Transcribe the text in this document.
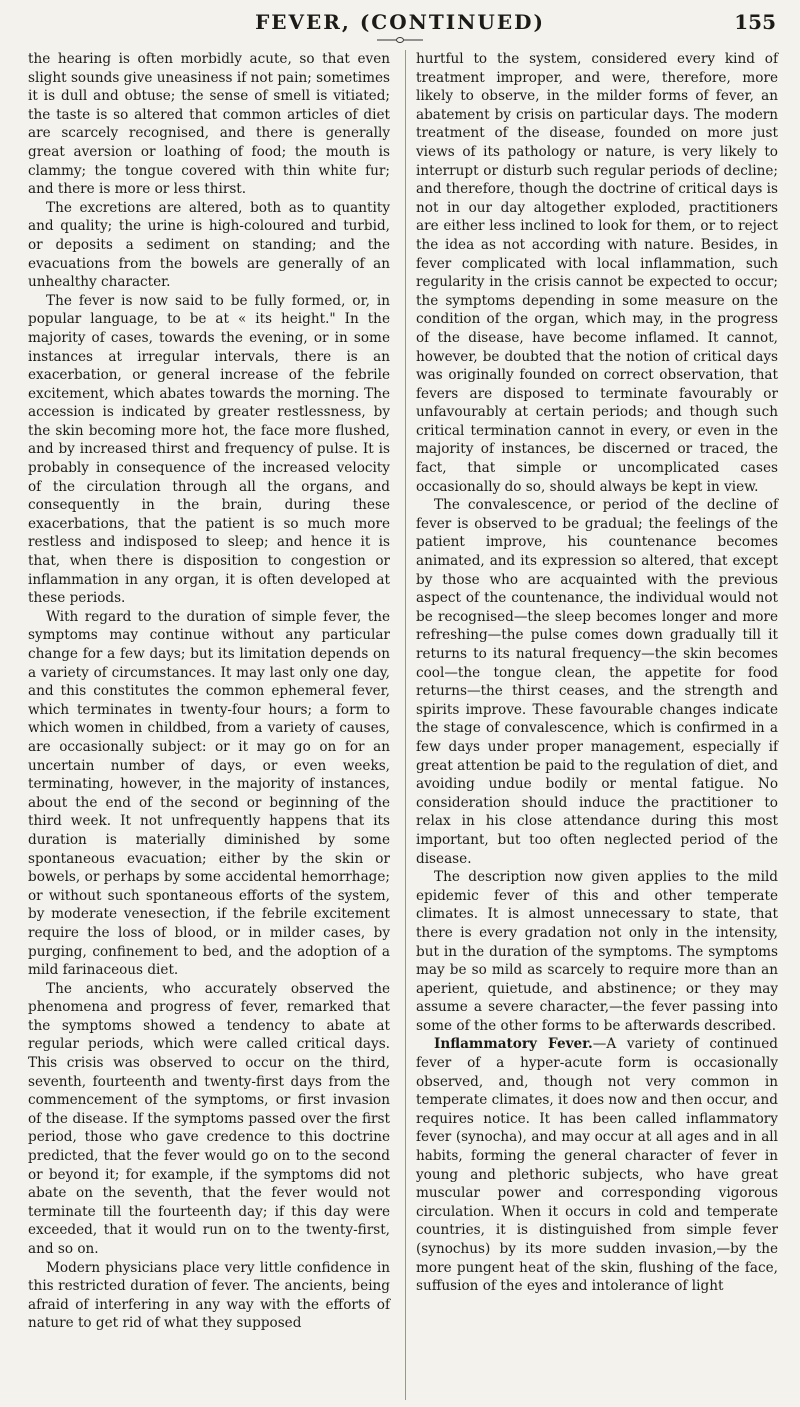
FEVER, (CONTINUED)	155

the hearing is often morbidly acute, so that even slight sounds give uneasiness if not pain; sometimes it is dull and obtuse; the sense of smell is vitiated; the taste is so altered that common articles of diet are scarcely recognised, and there is generally great aversion or loathing of food; the mouth is clammy; the tongue covered with thin white fur; and there is more or less thirst.

The excretions are altered, both as to quantity and quality; the urine is high-coloured and turbid, or deposits a sediment on standing; and the evacuations from the bowels are generally of an unhealthy character.

The fever is now said to be fully formed, or, in popular language, to be at « its height." In the majority of cases, towards the evening, or in some instances at irregular intervals, there is an exacerbation, or general increase of the febrile excitement, which abates towards the morning. The accession is indicated by greater restlessness, by the skin becoming more hot, the face more flushed, and by increased thirst and frequency of pulse. It is probably in consequence of the increased velocity of the circulation through all the organs, and consequently in the brain, during these exacerbations, that the patient is so much more restless and indisposed to sleep; and hence it is that, when there is disposition to congestion or inflammation in any organ, it is often developed at these periods.

With regard to the duration of simple fever, the symptoms may continue without any particular change for a few days; but its limitation depends on a variety of circumstances. It may last only one day, and this constitutes the common ephemeral fever, which terminates in twenty-four hours; a form to which women in childbed, from a variety of causes, are occasionally subject: or it may go on for an uncertain number of days, or even weeks, terminating, however, in the majority of instances, about the end of the second or beginning of the third week. It not unfrequently happens that its duration is materially diminished by some spontaneous evacuation; either by the skin or bowels, or perhaps by some accidental hemorrhage; or without such spontaneous efforts of the system, by moderate venesection, if the febrile excitement require the loss of blood, or in milder cases, by purging, confinement to bed, and the adoption of a mild farinaceous diet.

The ancients, who accurately observed the phenomena and progress of fever, remarked that the symptoms showed a tendency to abate at regular periods, which were called critical days. This crisis was observed to occur on the third, seventh, fourteenth and twenty-first days from the commencement of the symptoms, or first invasion of the disease. If the symptoms passed over the first period, those who gave credence to this doctrine predicted, that the fever would go on to the second or beyond it; for example, if the symptoms did not abate on the seventh, that the fever would not terminate till the fourteenth day; if this day were exceeded, that it would run on to the twenty-first, and so on.

Modern physicians place very little confidence in this restricted duration of fever. The ancients, being afraid of interfering in any way with the efforts of nature to get rid of what they supposed

hurtful to the system, considered every kind of treatment improper, and were, therefore, more likely to observe, in the milder forms of fever, an abatement by crisis on particular days. The modern treatment of the disease, founded on more just views of its pathology or nature, is very likely to interrupt or disturb such regular periods of decline; and therefore, though the doctrine of critical days is not in our day altogether exploded, practitioners are either less inclined to look for them, or to reject the idea as not according with nature. Besides, in fever complicated with local inflammation, such regularity in the crisis cannot be expected to occur; the symptoms depending in some measure on the condition of the organ, which may, in the progress of the disease, have become inflamed. It cannot, however, be doubted that the notion of critical days was originally founded on correct observation, that fevers are disposed to terminate favourably or unfavourably at certain periods; and though such critical termination cannot in every, or even in the majority of instances, be discerned or traced, the fact, that simple or uncomplicated cases occasionally do so, should always be kept in view.

The convalescence, or period of the decline of fever is observed to be gradual; the feelings of the patient improve, his countenance becomes animated, and its expression so altered, that except by those who are acquainted with the previous aspect of the countenance, the individual would not be recognised—the sleep becomes longer and more refreshing—the pulse comes down gradually till it returns to its natural frequency—the skin becomes cool—the tongue clean, the appetite for food returns—the thirst ceases, and the strength and spirits improve. These favourable changes indicate the stage of convalescence, which is confirmed in a few days under proper management, especially if great attention be paid to the regulation of diet, and avoiding undue bodily or mental fatigue. No consideration should induce the practitioner to relax in his close attendance during this most important, but too often neglected period of the disease.

The description now given applies to the mild epidemic fever of this and other temperate climates. It is almost unnecessary to state, that there is every gradation not only in the intensity, but in the duration of the symptoms. The symptoms may be so mild as scarcely to require more than an aperient, quietude, and abstinence; or they may assume a severe character,—the fever passing into some of the other forms to be afterwards described.

Inflammatory Fever.—A variety of continued fever of a hyper-acute form is occasionally observed, and, though not very common in temperate climates, it does now and then occur, and requires notice. It has been called inflammatory fever (synocha), and may occur at all ages and in all habits, forming the general character of fever in young and plethoric subjects, who have great muscular power and corresponding vigorous circulation. When it occurs in cold and temperate countries, it is distinguished from simple fever (synochus) by its more sudden invasion,—by the more pungent heat of the skin, flushing of the face, suffusion of the eyes and intolerance of light
